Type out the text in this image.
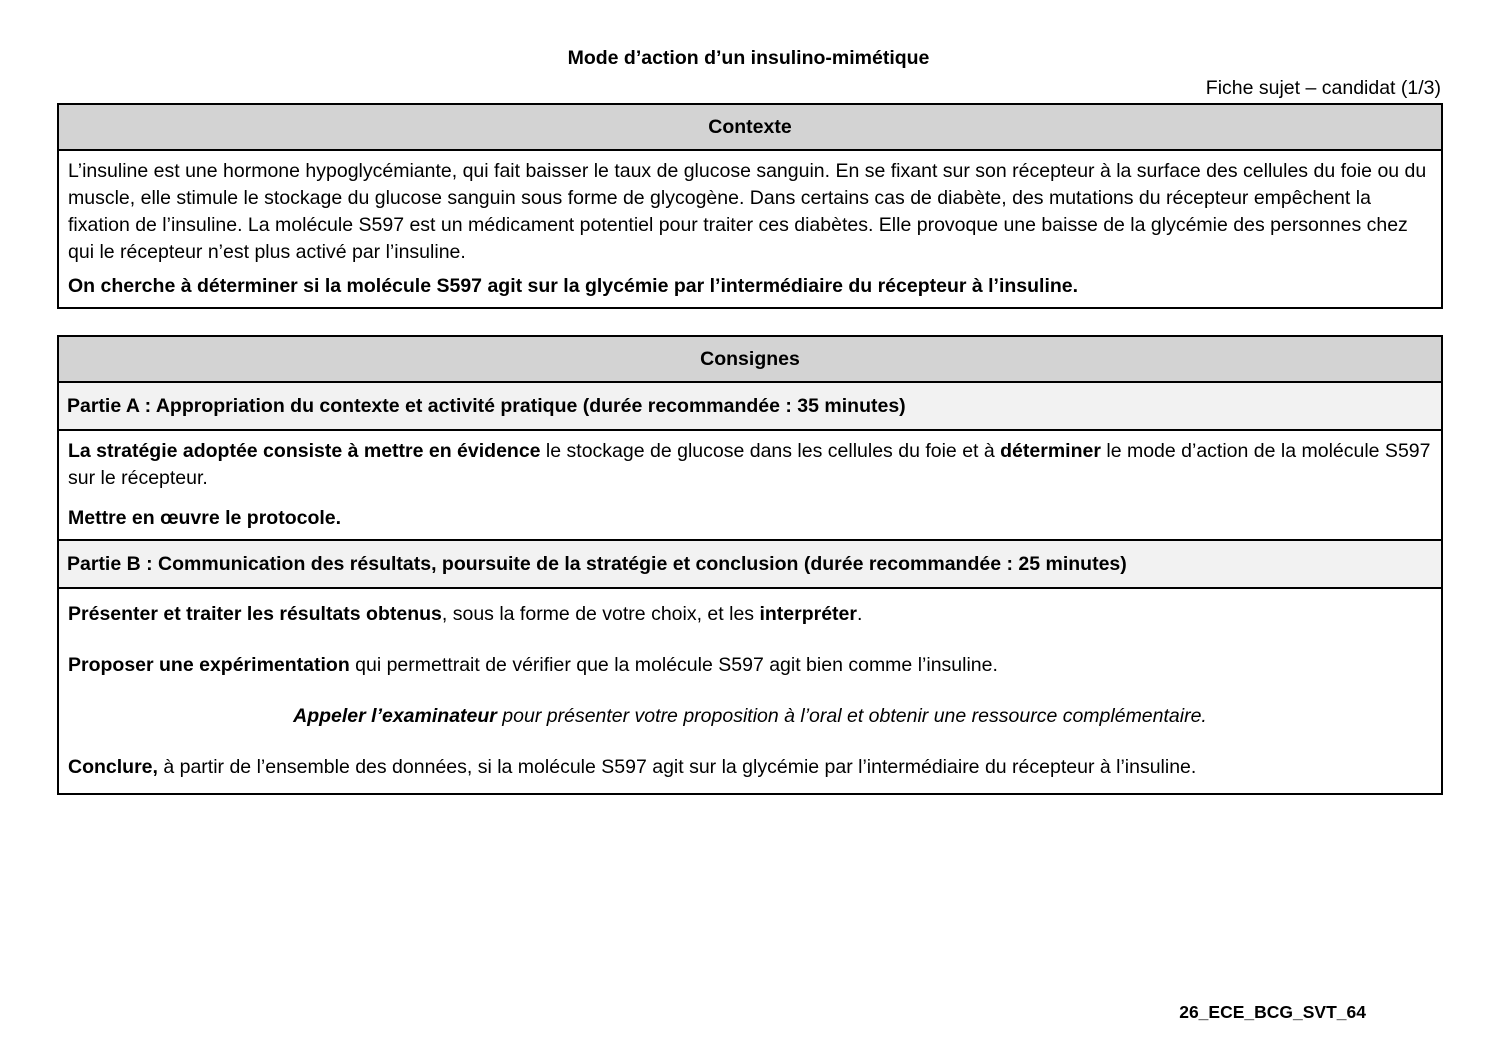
Mode d’action d’un insulino-mimétique
Fiche sujet – candidat (1/3)
Contexte

L’insuline est une hormone hypoglycémiante, qui fait baisser le taux de glucose sanguin. En se fixant sur son récepteur à la surface des cellules du foie ou du muscle, elle stimule le stockage du glucose sanguin sous forme de glycogène. Dans certains cas de diabète, des mutations du récepteur empêchent la fixation de l’insuline. La molécule S597 est un médicament potentiel pour traiter ces diabètes. Elle provoque une baisse de la glycémie des personnes chez qui le récepteur n’est plus activé par l’insuline.

On cherche à déterminer si la molécule S597 agit sur la glycémie par l’intermédiaire du récepteur à l’insuline.

Consignes
Partie A : Appropriation du contexte et activité pratique (durée recommandée : 35 minutes)

La stratégie adoptée consiste à mettre en évidence le stockage de glucose dans les cellules du foie et à déterminer le mode d’action de la molécule S597 sur le récepteur.

Mettre en œuvre le protocole.

Partie B : Communication des résultats, poursuite de la stratégie et conclusion (durée recommandée : 25 minutes)

Présenter et traiter les résultats obtenus, sous la forme de votre choix, et les interpréter.

Proposer une expérimentation qui permettrait de vérifier que la molécule S597 agit bien comme l’insuline.

Appeler l’examinateur pour présenter votre proposition à l’oral et obtenir une ressource complémentaire.

Conclure, à partir de l’ensemble des données, si la molécule S597 agit sur la glycémie par l’intermédiaire du récepteur à l’insuline.

26_ECE_BCG_SVT_64
